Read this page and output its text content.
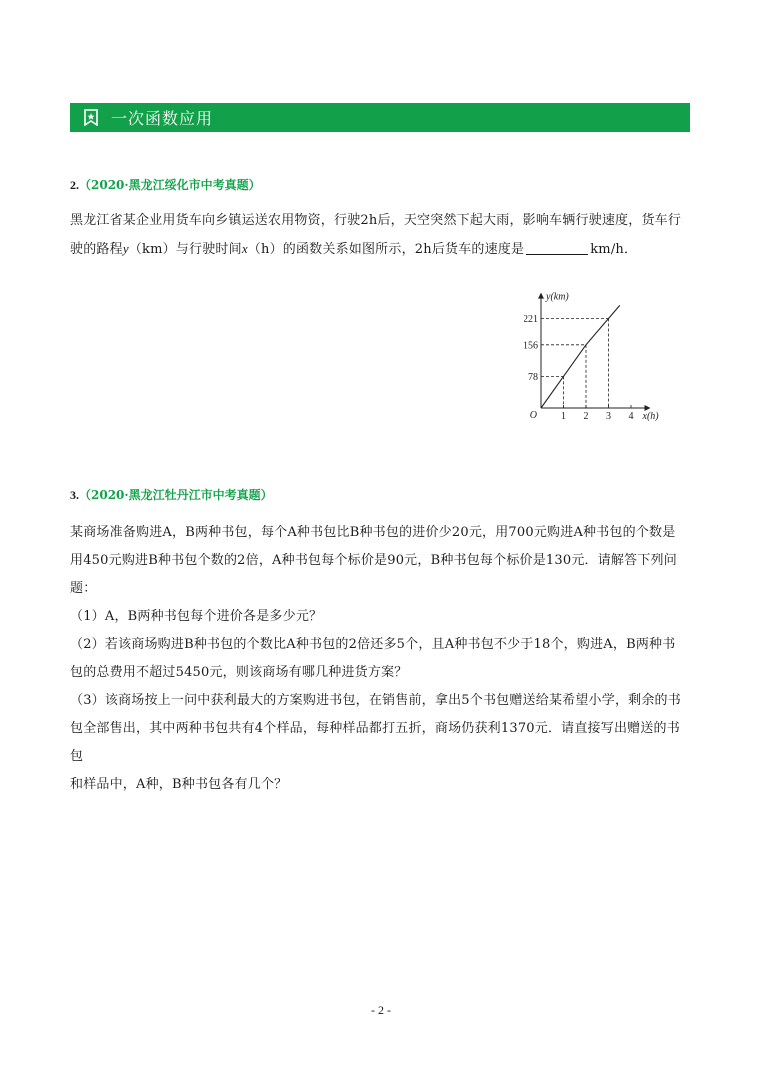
一次函数应用
2.（2020·黑龙江绥化市中考真题）

黑龙江省某企业用货车向乡镇运送农用物资，行驶2h后，天空突然下起大雨，影响车辆行驶速度，货车行

驶的路程y（km）与行驶时间x（h）的函数关系如图所示，2h后货车的速度是	km/h．

1 2 3 4
78
156
221
O	x(h)
y(km)
3.（2020·黑龙江牡丹江市中考真题）

某商场准备购进A，B两种书包，每个A种书包比B种书包的进价少20元，用700元购进A种书包的个数是

用450元购进B种书包个数的2倍，A种书包每个标价是90元，B种书包每个标价是130元．请解答下列问

题：

（1）A，B两种书包每个进价各是多少元？

（2）若该商场购进B种书包的个数比A种书包的2倍还多5个，且A种书包不少于18个，购进A，B两种书

包的总费用不超过5450元，则该商场有哪几种进货方案？

（3）该商场按上一问中获利最大的方案购进书包，在销售前，拿出5个书包赠送给某希望小学，剩余的书

包全部售出，其中两种书包共有4个样品，每种样品都打五折，商场仍获利1370元．请直接写出赠送的书包

和样品中，A种，B种书包各有几个？

- 2 -
